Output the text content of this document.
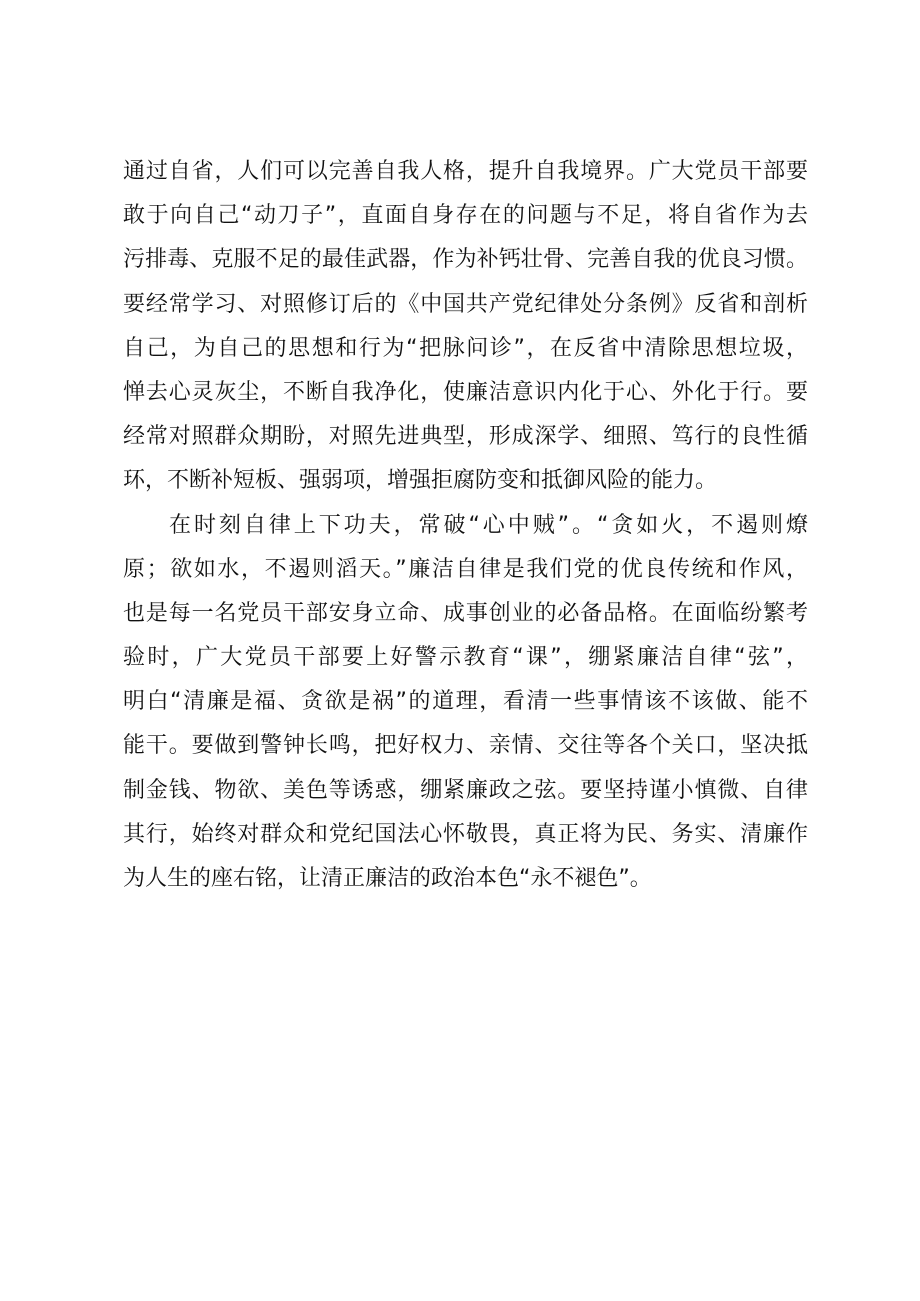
通过自省，人们可以完善自我人格，提升自我境界。广大党员干部要
敢于向自己“动刀子”，直面自身存在的问题与不足，将自省作为去
污排毒、克服不足的最佳武器，作为补钙壮骨、完善自我的优良习惯。
要经常学习、对照修订后的《中国共产党纪律处分条例》反省和剖析
自己，为自己的思想和行为“把脉问诊”，在反省中清除思想垃圾，
惮去心灵灰尘，不断自我净化，使廉洁意识内化于心、外化于行。要
经常对照群众期盼，对照先进典型，形成深学、细照、笃行的良性循
环，不断补短板、强弱项，增强拒腐防变和抵御风险的能力。
在时刻自律上下功夫，常破“心中贼”。“贪如火，不遏则燎
原；欲如水，不遏则滔天。”廉洁自律是我们党的优良传统和作风，
也是每一名党员干部安身立命、成事创业的必备品格。在面临纷繁考
验时，广大党员干部要上好警示教育“课”，绷紧廉洁自律“弦”，
明白“清廉是福、贪欲是祸”的道理，看清一些事情该不该做、能不
能干。要做到警钟长鸣，把好权力、亲情、交往等各个关口，坚决抵
制金钱、物欲、美色等诱惑，绷紧廉政之弦。要坚持谨小慎微、自律
其行，始终对群众和党纪国法心怀敬畏，真正将为民、务实、清廉作
为人生的座右铭，让清正廉洁的政治本色“永不褪色”。
